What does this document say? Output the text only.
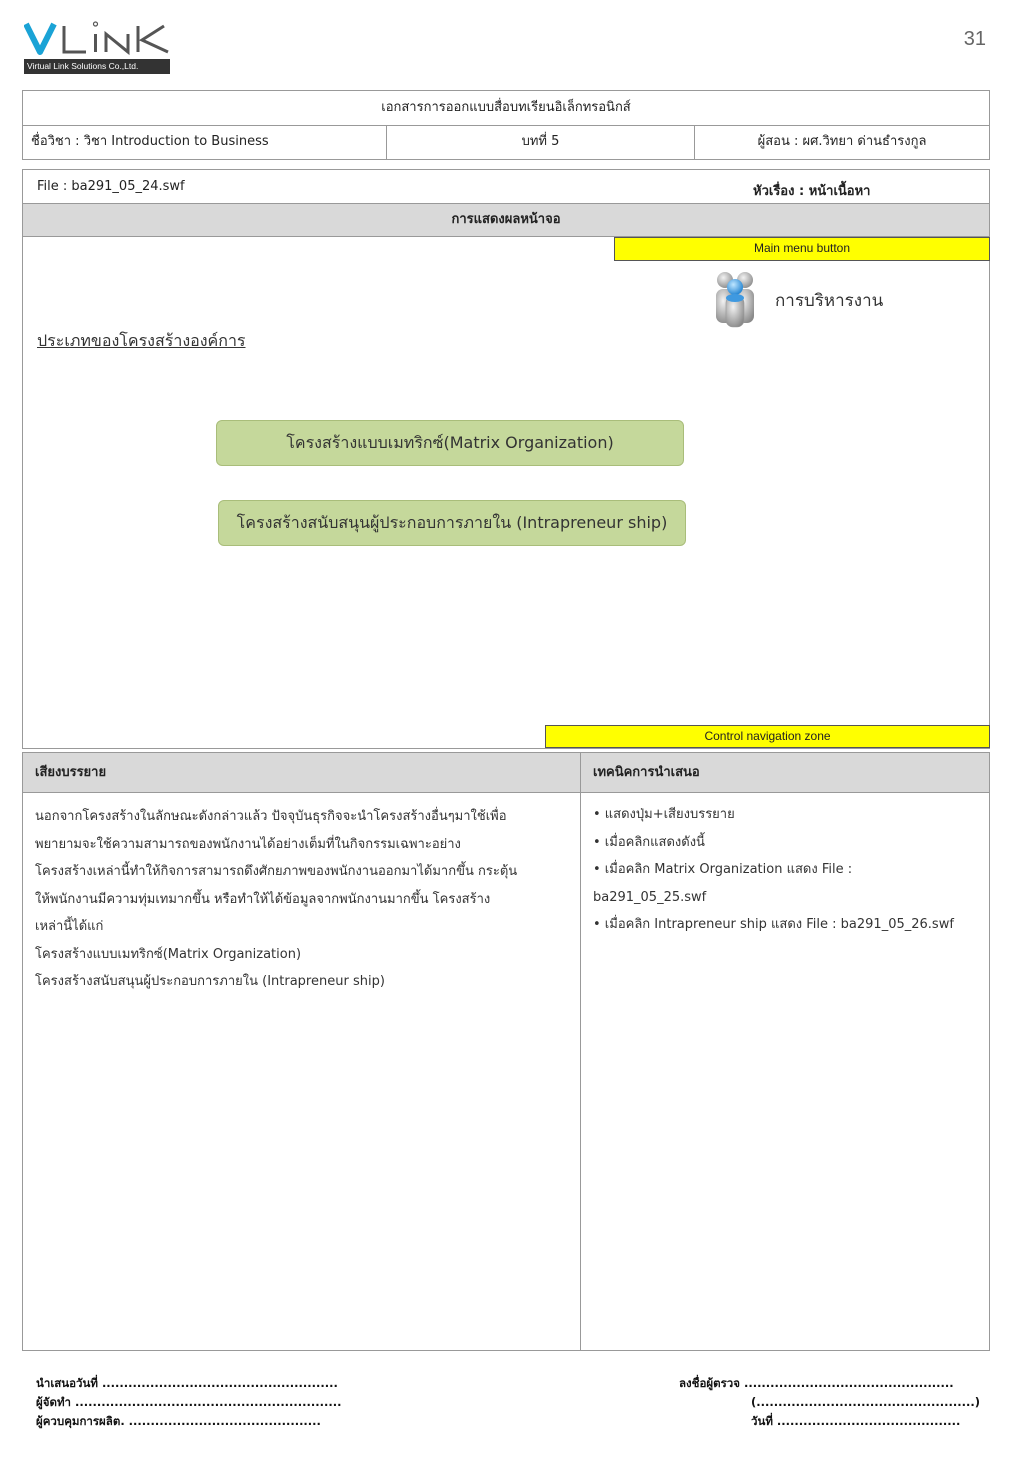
Virtual Link Solutions Co.,Ltd.
31
เอกสารการออกแบบสื่อบทเรียนอิเล็กทรอนิกส์
ชื่อวิชา : วิชา Introduction to Business	บทที่ 5	ผู้สอน : ผศ.วิทยา ด่านธำรงกูล
File : ba291_05_24.swf	หัวเรื่อง : หน้าเนื้อหา
การแสดงผลหน้าจอ
Main menu button
การบริหารงาน
ประเภทของโครงสร้างองค์การ
โครงสร้างแบบเมทริกซ์(Matrix Organization)
โครงสร้างสนับสนุนผู้ประกอบการภายใน (Intrapreneur ship)
Control navigation zone
เสียงบรรยาย
นอกจากโครงสร้างในลักษณะดังกล่าวแล้ว ปัจจุบันธุรกิจจะนำโครงสร้างอื่นๆมาใช้เพื่อ
พยายามจะใช้ความสามารถของพนักงานได้อย่างเต็มที่ในกิจกรรมเฉพาะอย่าง
โครงสร้างเหล่านี้ทำให้กิจการสามารถดึงศักยภาพของพนักงานออกมาได้มากขึ้น กระตุ้น
ให้พนักงานมีความทุ่มเทมากขึ้น หรือทำให้ได้ข้อมูลจากพนักงานมากขึ้น โครงสร้าง
เหล่านี้ได้แก่
โครงสร้างแบบเมทริกซ์(Matrix Organization)
โครงสร้างสนับสนุนผู้ประกอบการภายใน (Intrapreneur ship)
เทคนิคการนำเสนอ
• แสดงปุ่ม+เสียงบรรยาย
• เมื่อคลิกแสดงดังนี้
• เมื่อคลิก Matrix Organization แสดง File :
ba291_05_25.swf
• เมื่อคลิก Intrapreneur ship แสดง File : ba291_05_26.swf
นำเสนอวันที่ ......................................................
ผู้จัดทำ .............................................................
ผู้ควบคุมการผลิต. ............................................
ลงชื่อผู้ตรวจ ................................................
(..................................................)
วันที่ ..........................................
